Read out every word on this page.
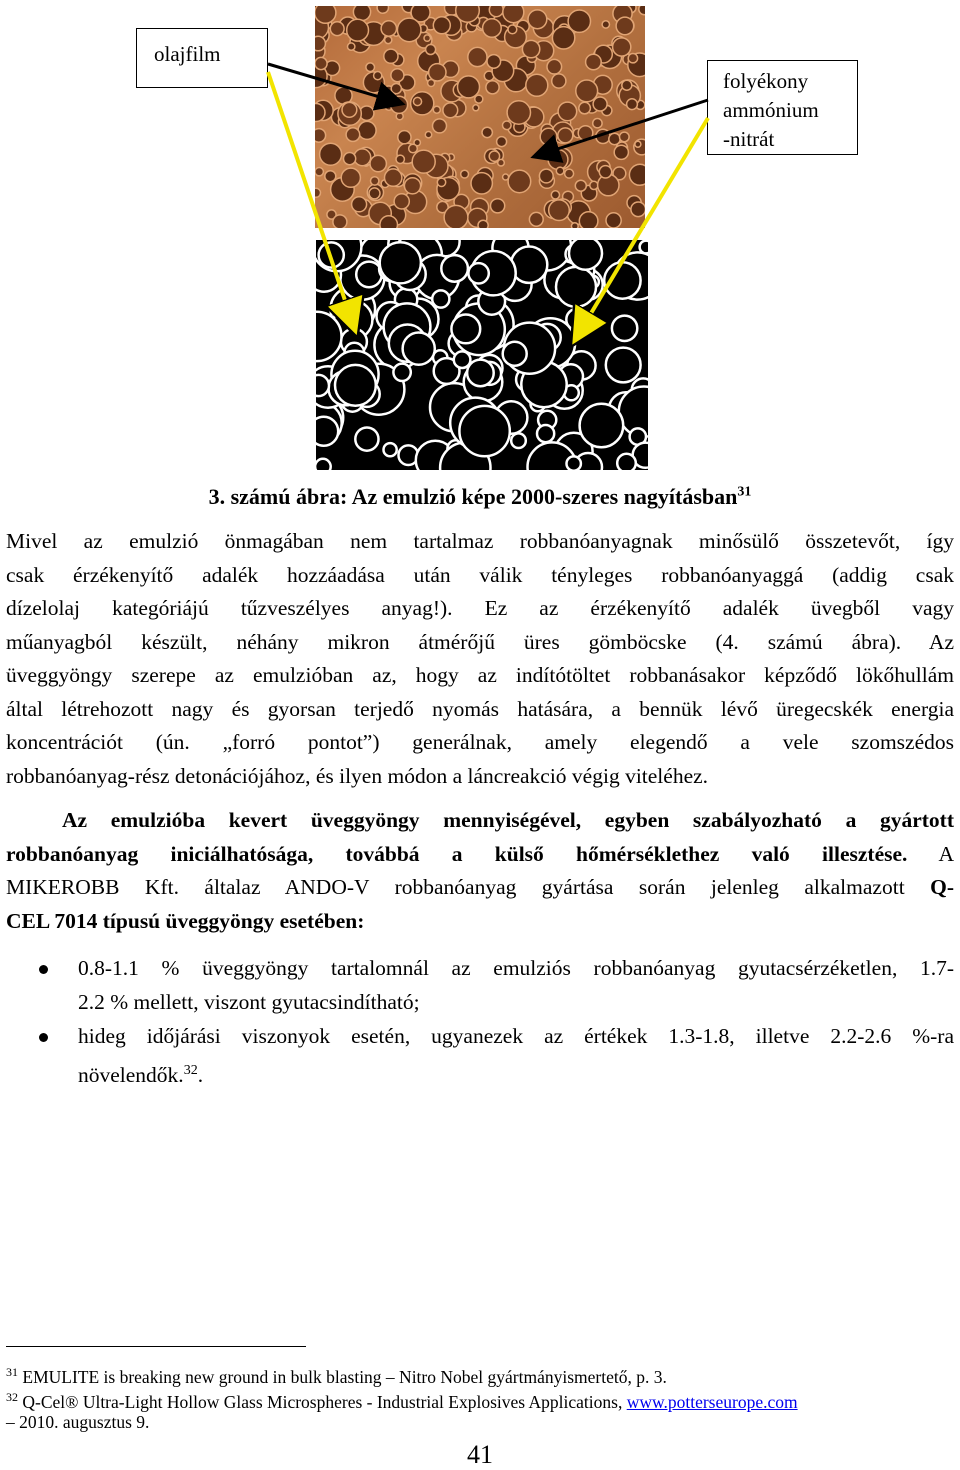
olajfilm
folyékony
ammónium
-nitrát
3. számú ábra: Az emulzió képe 2000-szeres nagyításban$^{31}$
Mivel az emulzió önmagában nem tartalmaz robbanóanyagnak minősülő összetevőt, így
csak érzékenyítő adalék hozzáadása után válik tényleges robbanóanyaggá (addig csak
dízelolaj kategóriájú tűzveszélyes anyag!). Ez az érzékenyítő adalék üvegből vagy
műanyagból készült, néhány mikron átmérőjű üres gömböcske (4. számú ábra). Az
üveggyöngy szerepe az emulzióban az, hogy az indítótöltet robbanásakor képződő lökőhullám
által létrehozott nagy és gyorsan terjedő nyomás hatására, a bennük lévő üregecskék energia
koncentrációt (ún. „forró pontot”) generálnak, amely elegendő a vele szomszédos
robbanóanyag-rész detonációjához, és ilyen módon a láncreakció végig viteléhez.
Az emulzióba kevert üveggyöngy mennyiségével, egyben szabályozható a gyártott
robbanóanyag iniciálhatósága, továbbá a külső hőmérséklethez való illesztése. A
MIKEROBB Kft. általaz ANDO-V robbanóanyag gyártása során jelenleg alkalmazott Q-
CEL 7014 típusú üveggyöngy esetében:
0.8-1.1 % üveggyöngy tartalomnál az emulziós robbanóanyag gyutacsérzéketlen, 1.7-
2.2 % mellett, viszont gyutacsindítható;
hideg időjárási viszonyok esetén, ugyanezek az értékek 1.3-1.8, illetve 2.2-2.6 %-ra
növelendők.$^{32}$.
$^{31}$ EMULITE is breaking new ground in bulk blasting – Nitro Nobel gyártmányismertető, p. 3.
$^{32}$ Q-Cel® Ultra-Light Hollow Glass Microspheres - Industrial Explosives Applications, www.potterseurope.com
– 2010. augusztus 9.
41
